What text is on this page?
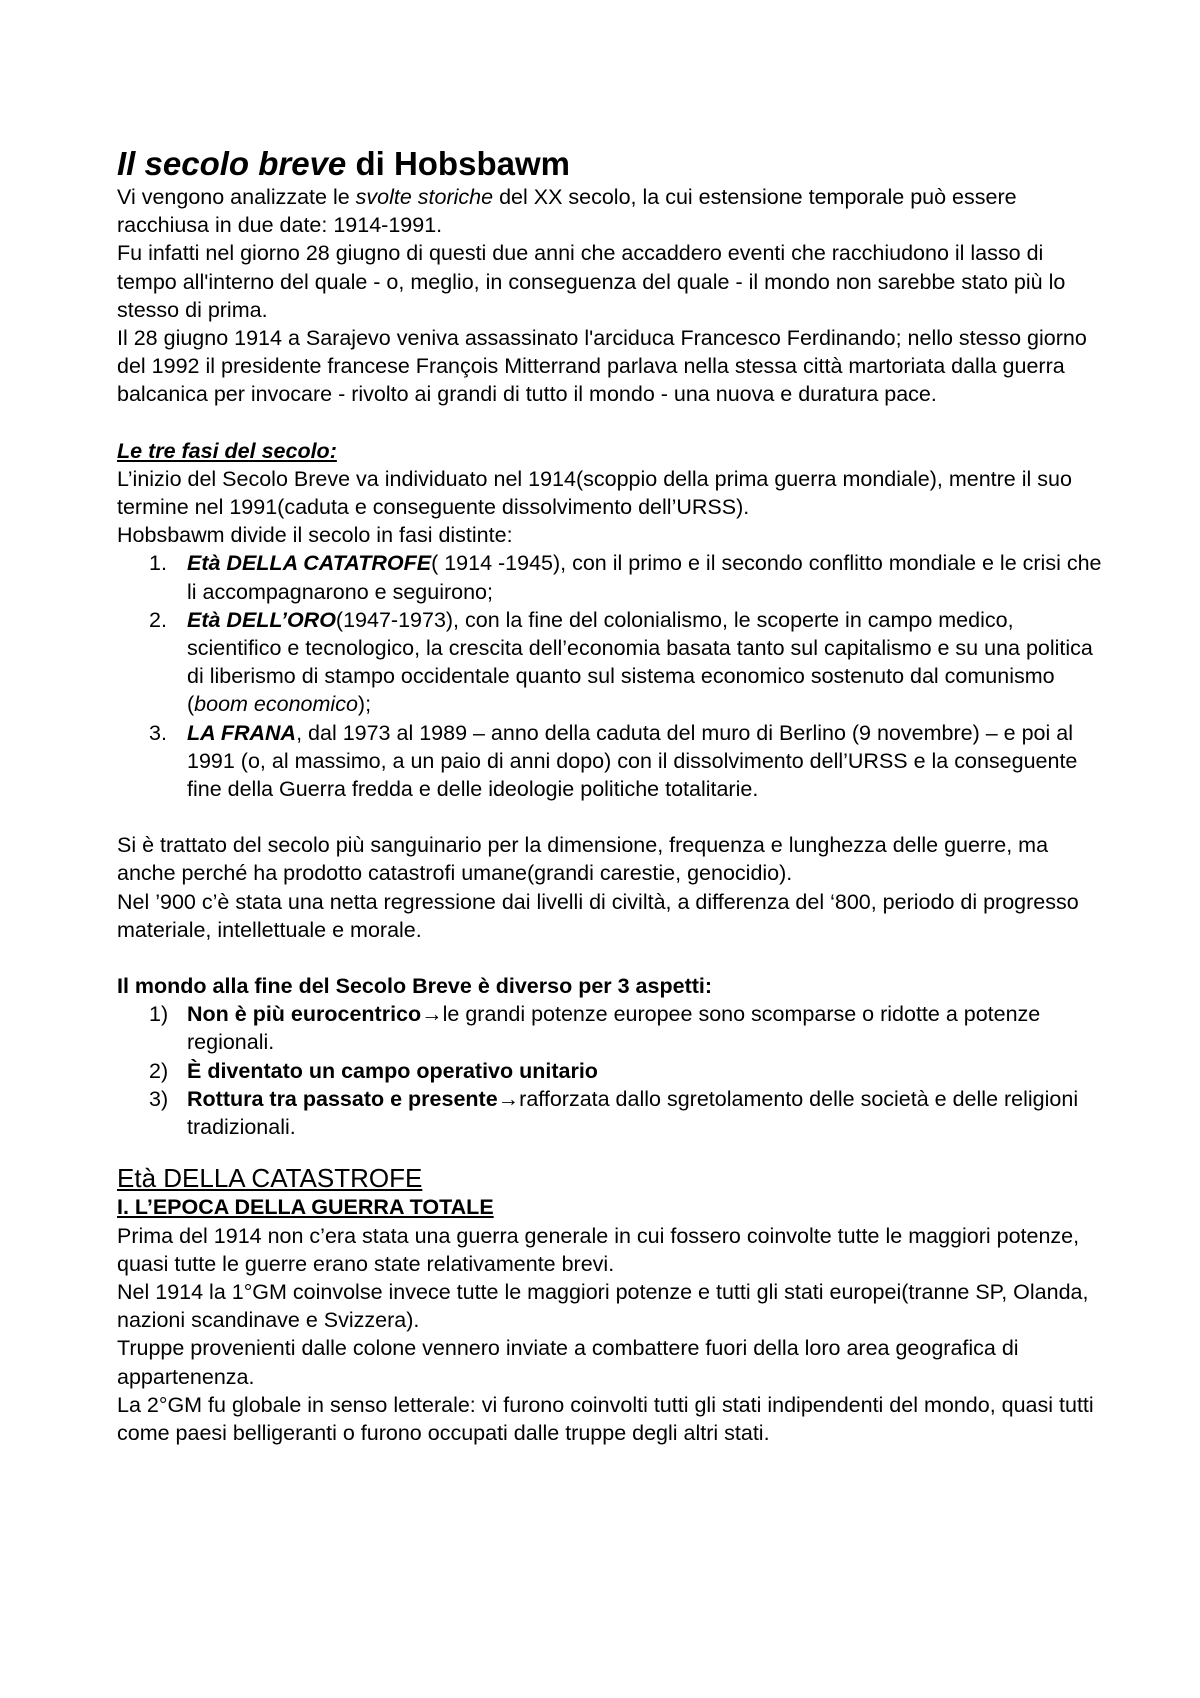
Il secolo breve di Hobsbawm

Vi vengono analizzate le svolte storiche del XX secolo, la cui estensione temporale può essere racchiusa in due date: 1914-1991.

Fu infatti nel giorno 28 giugno di questi due anni che accaddero eventi che racchiudono il lasso di tempo all'interno del quale - o, meglio, in conseguenza del quale - il mondo non sarebbe stato più lo stesso di prima.

Il 28 giugno 1914 a Sarajevo veniva assassinato l'arciduca Francesco Ferdinando; nello stesso giorno del 1992 il presidente francese François Mitterrand parlava nella stessa città martoriata dalla guerra balcanica per invocare - rivolto ai grandi di tutto il mondo - una nuova e duratura pace.

Le tre fasi del secolo:

L’inizio del Secolo Breve va individuato nel 1914(scoppio della prima guerra mondiale), mentre il suo termine nel 1991(caduta e conseguente dissolvimento dell’URSS).

Hobsbawm divide il secolo in fasi distinte:

1. Età DELLA CATATROFE( 1914 -1945), con il primo e il secondo conflitto mondiale e le crisi che li accompagnarono e seguirono;
2. Età DELL’ORO(1947-1973), con la fine del colonialismo, le scoperte in campo medico, scientifico e tecnologico, la crescita dell’economia basata tanto sul capitalismo e su una politica di liberismo di stampo occidentale quanto sul sistema economico sostenuto dal comunismo (boom economico);
3. LA FRANA, dal 1973 al 1989 – anno della caduta del muro di Berlino (9 novembre) – e poi al 1991 (o, al massimo, a un paio di anni dopo) con il dissolvimento dell’URSS e la conseguente fine della Guerra fredda e delle ideologie politiche totalitarie.

Si è trattato del secolo più sanguinario per la dimensione, frequenza e lunghezza delle guerre, ma anche perché ha prodotto catastrofi umane(grandi carestie, genocidio).

Nel ’900 c’è stata una netta regressione dai livelli di civiltà, a differenza del ‘800, periodo di progresso materiale, intellettuale e morale.

Il mondo alla fine del Secolo Breve è diverso per 3 aspetti:

1) Non è più eurocentrico→le grandi potenze europee sono scomparse o ridotte a potenze regionali.
2) È diventato un campo operativo unitario
3) Rottura tra passato e presente→rafforzata dallo sgretolamento delle società e delle religioni tradizionali.

Età DELLA CATASTROFE

I. L’EPOCA DELLA GUERRA TOTALE

Prima del 1914 non c’era stata una guerra generale in cui fossero coinvolte tutte le maggiori potenze, quasi tutte le guerre erano state relativamente brevi.

Nel 1914 la 1°GM coinvolse invece tutte le maggiori potenze e tutti gli stati europei(tranne SP, Olanda, nazioni scandinave e Svizzera).

Truppe provenienti dalle colone vennero inviate a combattere fuori della loro area geografica di appartenenza.

La 2°GM fu globale in senso letterale: vi furono coinvolti tutti gli stati indipendenti del mondo, quasi tutti come paesi belligeranti o furono occupati dalle truppe degli altri stati.
